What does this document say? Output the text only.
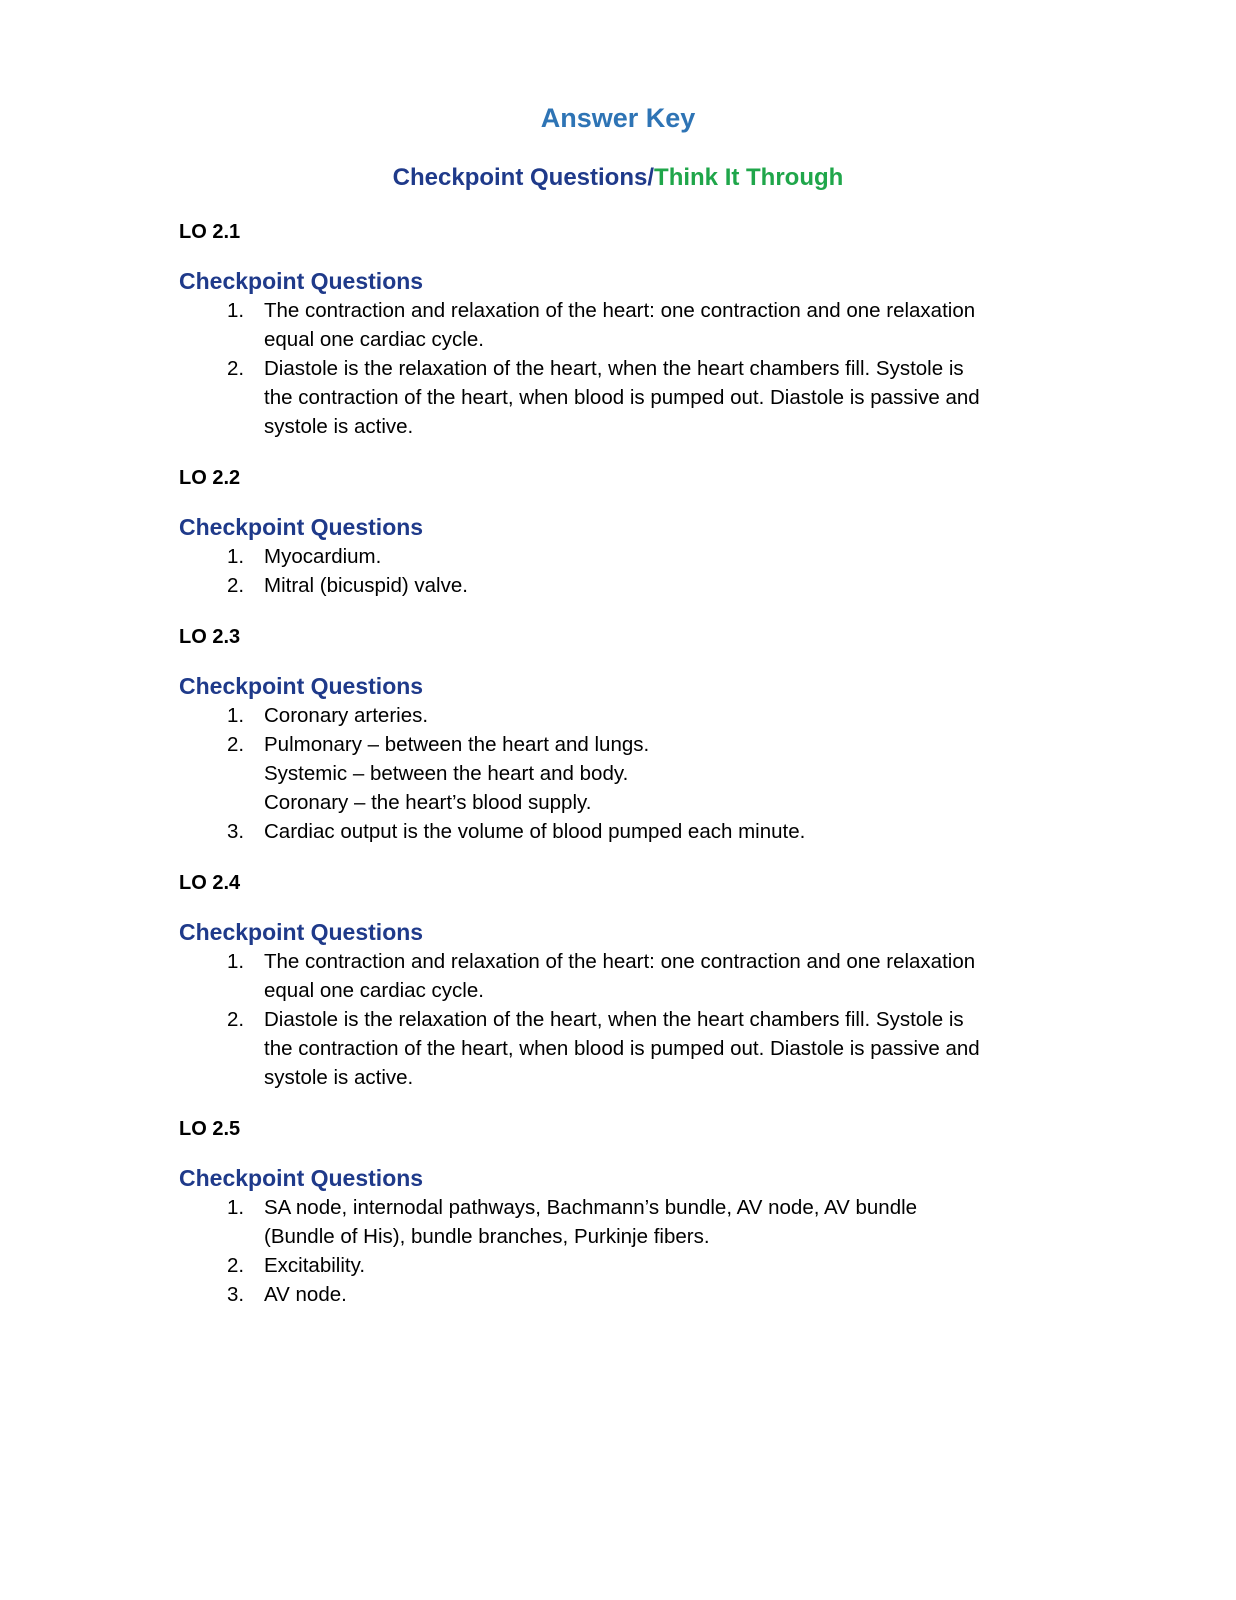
Answer Key
Checkpoint Questions/Think It Through
LO 2.1
Checkpoint Questions
1. The contraction and relaxation of the heart: one contraction and one relaxation
equal one cardiac cycle.
2. Diastole is the relaxation of the heart, when the heart chambers fill. Systole is
the contraction of the heart, when blood is pumped out. Diastole is passive and
systole is active.
LO 2.2
Checkpoint Questions
1. Myocardium.
2. Mitral (bicuspid) valve.
LO 2.3
Checkpoint Questions
1. Coronary arteries.
2. Pulmonary – between the heart and lungs.
Systemic – between the heart and body.
Coronary – the heart’s blood supply.
3. Cardiac output is the volume of blood pumped each minute.
LO 2.4
Checkpoint Questions
1. The contraction and relaxation of the heart: one contraction and one relaxation
equal one cardiac cycle.
2. Diastole is the relaxation of the heart, when the heart chambers fill. Systole is
the contraction of the heart, when blood is pumped out. Diastole is passive and
systole is active.
LO 2.5
Checkpoint Questions
1. SA node, internodal pathways, Bachmann’s bundle, AV node, AV bundle
(Bundle of His), bundle branches, Purkinje fibers.
2. Excitability.
3. AV node.
